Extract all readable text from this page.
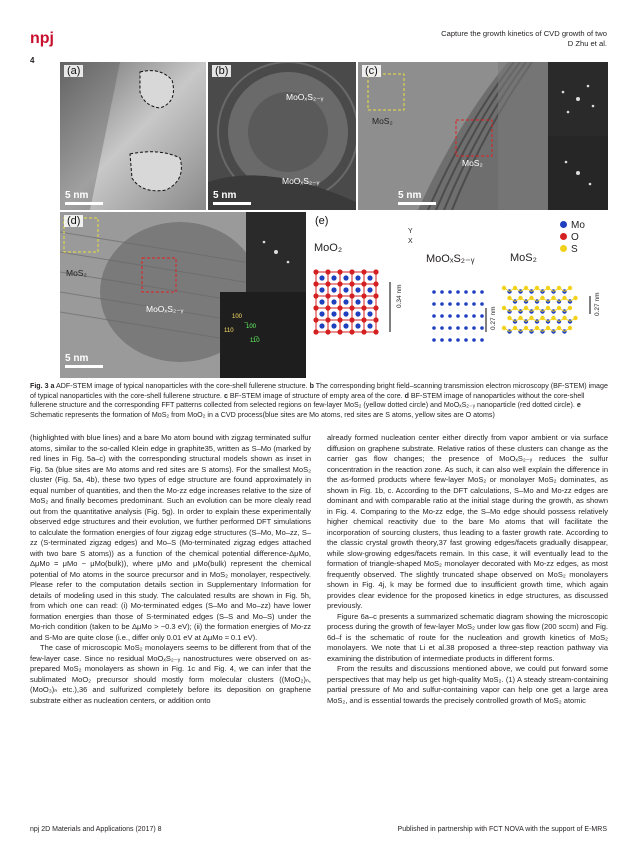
npj
4
Capture the growth kinetics of CVD growth of two
D Zhu et al.
(a)
5 nm
(b)
MoOₓS₂₋ᵧ
MoOₓS₂₋ᵧ
5 nm
(c)
MoS₂
MoS₂
5 nm
(d)
MoS₂
MoOₓS₂₋ᵧ
100
110
̅100
11̅0
5 nm
(e)
Y
X
MoO₂
MoOₓS₂₋ᵧ	MoS₂
Mo
O
S
0.34 nm
0.27 nm
0.27 nm
Fig. 3 a ADF-STEM image of typical nanoparticles with the core-shell fullerene structure. b The corresponding bright field–scanning transmission electron microscopy (BF-STEM) image of typical nanoparticles with the core-shell fullerene structure. c BF-STEM image of structure of empty area of the core. d BF-STEM image of nanoparticles without the core-shell fullerene structure and the corresponding FFT patterns collected from selected regions on few-layer MoS₂ (yellow dotted circle) and MoOₓS₂₋ᵧ nanoparticle (red dotted circle). e Schematic represents the formation of MoS₂ from MoO₂ in a CVD process(blue sites are Mo atoms, red sites are S atoms, yellow sites are O atoms)

(highlighted with blue lines) and a bare Mo atom bound with zigzag terminated sulfur atoms, similar to the so-called Klein edge in graphite35, written as S–Mo (marked by red lines in Fig. 5a–c) with the corresponding structural models shown as inset in Fig. 5a (blue sites are Mo atoms and red sites are S atoms). For the smallest MoS₂ cluster (Fig. 5a, 4b), these two types of edge structure are found approximately in equal number of quantities, and then the Mo-zz edge increases relative to the size of MoS₂ and finally becomes predominant. Such an evolution can be more clealy read out from the quantitative analysis (Fig. 5g). In order to explain these experimentally observed edge structures and their evolution, we further performed DFT simulations to calculate the formation energies of four zigzag edge structures (S–Mo, Mo–zz, S–zz (S-terminated zigzag edges) and Mo–S (Mo-terminated zigzag edges attached with two bare S atoms)) as a function of the chemical potential difference-ΔμMo, ΔμMo = μMo − μMo(bulk)), where μMo and μMo(bulk) represent the chemical potential of Mo atoms in the source precursor and in MoS₂ monolayer, respectively. Please refer to the computation details section in Supplementary Information for details of modeling used in this study. The calculated results are shown in Fig. 5h, from which one can read: (i) Mo-terminated edges (S–Mo and Mo–zz) have lower formation energies than those of S-terminated edges (S–S and Mo–S) under the Mo-rich condition (taken to be ΔμMo > −0.3 eV); (ii) the formation energies of Mo-zz and S-Mo are quite close (i.e., differ only 0.01 eV at ΔμMo ≈ 0.1 eV).

The case of microscopic MoS₂ monolayers seems to be different from that of the few-layer case. Since no residual MoOₓS₂₋ᵧ nanostructures were observed on as-prepared MoS₂ monolayers as shown in Fig. 1c and Fig. 4, we can infer that the sublimated MoO₂ precursor should mostly form molecular clusters ((MoO₂)ₙ, (MoO₃)ₙ etc.),36 and sulfurized completely before its deposition on graphene substrate either as nucleation centers, or addition onto

already formed nucleation center either directly from vapor ambient or via surface diffusion on graphene substrate. Relative ratios of these clusters can change as the carrier gas flow changes; the presence of MoOₓS₂₋ᵧ reduces the sulfur concentration in the reaction zone. As such, it can also well explain the difference in the as-formed products where few-layer MoS₂ or monolayer MoS₂ dominates, as shown in Fig. 1b, c. According to the DFT calculations, S–Mo and Mo-zz edges are dominant and with comparable ratio at the initial stage during the growth, as shown in Fig. 4. Comparing to the Mo-zz edge, the S–Mo edge should possess relatively higher chemical reactivity due to the bare Mo atoms that will facilitate the incorporation of sourcing clusters, thus leading to a faster growth rate. According to the classic crystal growth theory,37 fast growing edges/facets gradually disappear, while slow-growing edges/facets remain. In this case, it will eventually lead to the formation of triangle-shaped MoS₂ monolayer decorated with Mo-zz edges, as most frequently observed. The slightly truncated shape observed on MoS₂ monolayers shown in Fig. 4j, k may be formed due to insufficient growth time, which again provides clear evidence for the proposed kinetics in edge structures, as discussed previously.

Figure 6a–c presents a summarized schematic diagram showing the microscopic process during the growth of few-layer MoS₂ under low gas flow (200 sccm) and Fig. 6d–f is the schematic of route for the nucleation and growth kinetics of MoS₂ monolayers. We note that Li et al.38 proposed a three-step reaction pathway via examining the distribution of intermediate products in different forms.

From the results and discussions mentioned above, we could put forward some perspectives that may help us get high-quality MoS₂. (1) A steady stream-containing partial pressure of Mo and sulfur-containing vapor can help one get a large area MoS₂, and is essential towards the precisely controlled growth of MoS₂ atomic

npj 2D Materials and Applications (2017) 8	Published in partnership with FCT NOVA with the support of E-MRS
